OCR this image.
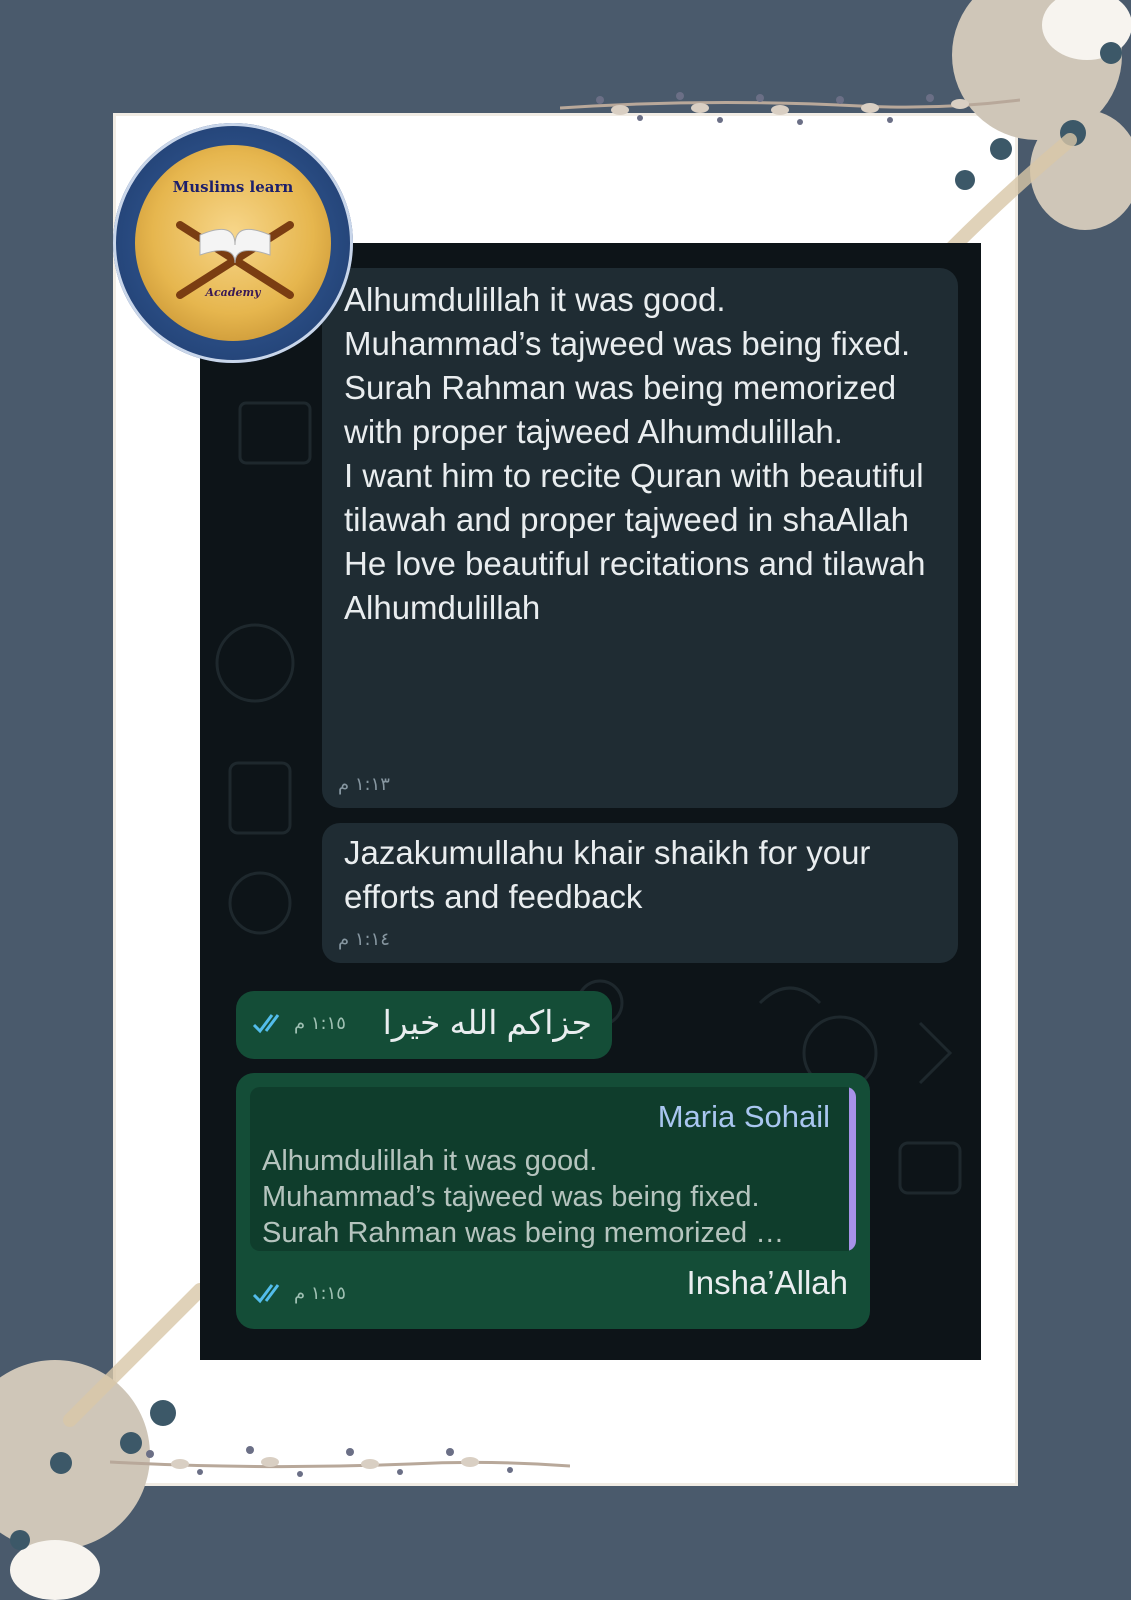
Alhumdulillah it was good.
Muhammad’s tajweed was being fixed.
Surah Rahman was being memorized with proper tajweed Alhumdulillah.
I want him to recite Quran with beautiful tilawah and proper tajweed in shaAllah
He love beautiful recitations and tilawah Alhumdulillah
١:١٣ م
Jazakumullahu khair shaikh for your efforts and feedback
١:١٤ م
١:١٥ م جزاكم الله خيرا
Maria Sohail
Alhumdulillah it was good.
Muhammad’s tajweed was being fixed.
Surah Rahman was being memorized …
١:١٥ م	Insha’Allah
Muslims learn
Academy
